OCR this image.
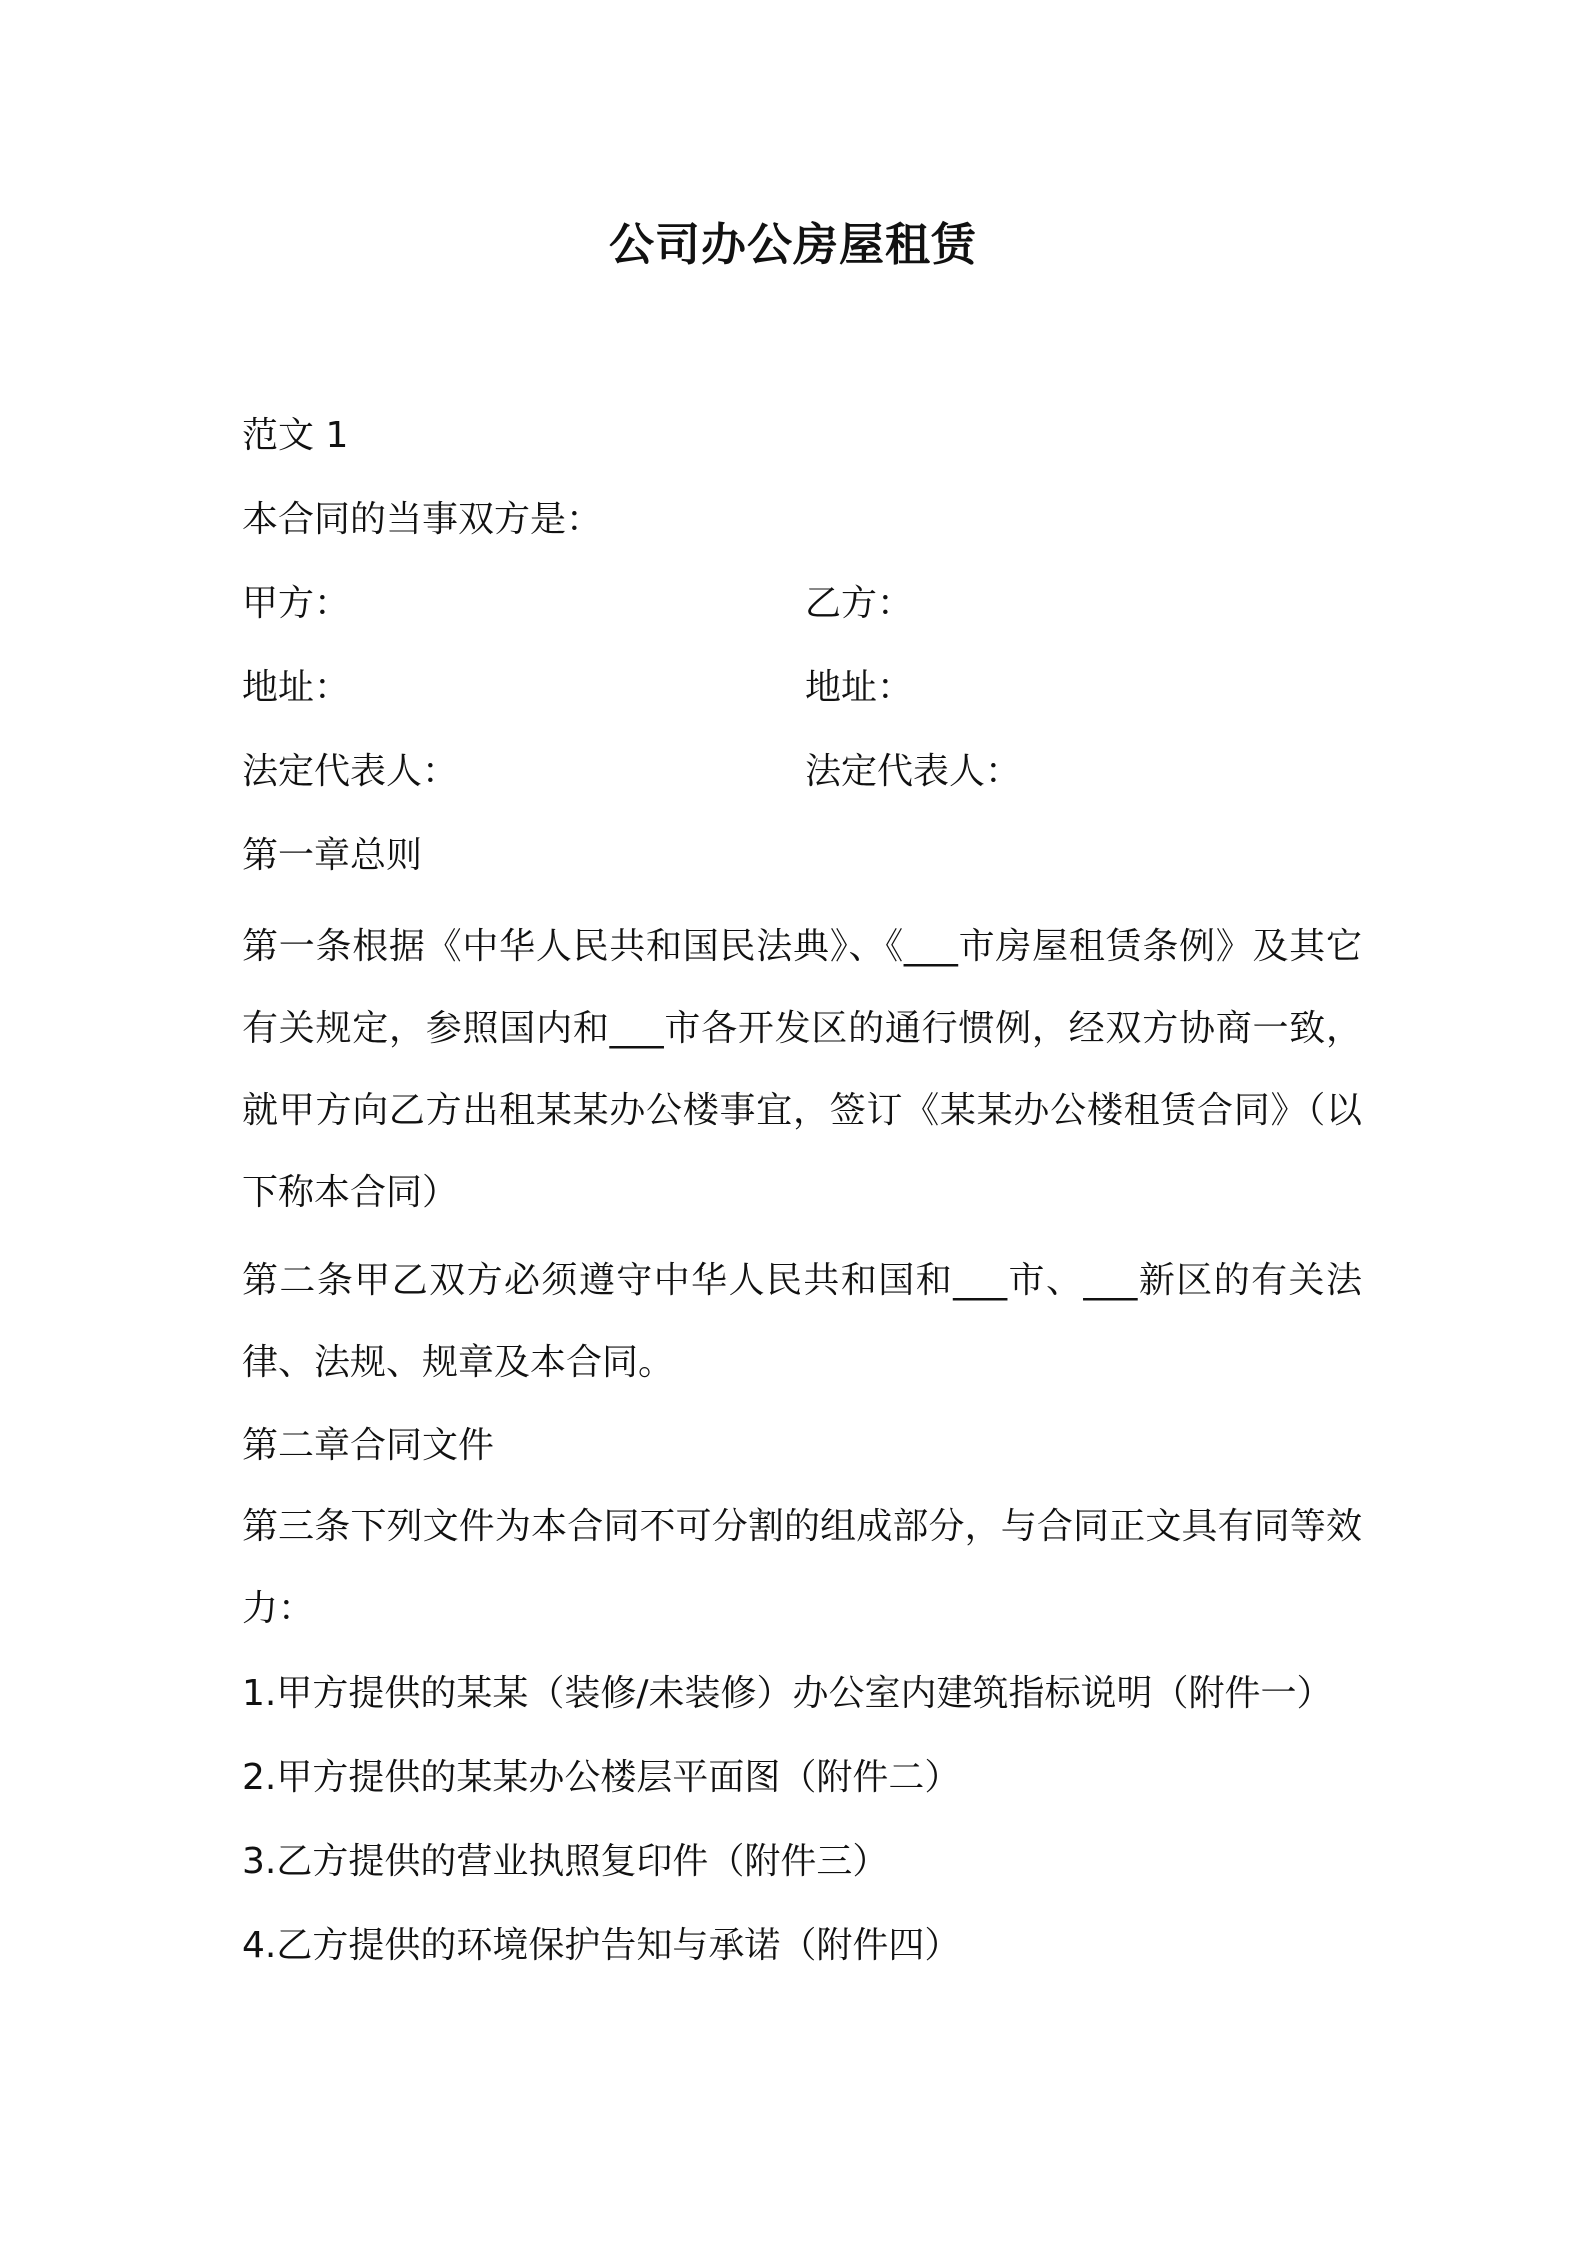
公司办公房屋租赁
范文 1
本合同的当事双方是：
甲方：	乙方：
地址：	地址：
法定代表人：	法定代表人：
第一章总则
第一条根据《中华人民共和国民法典》、《___市房屋租赁条例》及其它有关规定，参照国内和___市各开发区的通行惯例，经双方协商一致，就甲方向乙方出租某某办公楼事宜，签订《某某办公楼租赁合同》（以下称本合同）
第二条甲乙双方必须遵守中华人民共和国和___市、___新区的有关法律、法规、规章及本合同。
第二章合同文件
第三条下列文件为本合同不可分割的组成部分，与合同正文具有同等效力：
1.甲方提供的某某（装修/未装修）办公室内建筑指标说明（附件一）
2.甲方提供的某某办公楼层平面图（附件二）
3.乙方提供的营业执照复印件（附件三）
4.乙方提供的环境保护告知与承诺（附件四）
